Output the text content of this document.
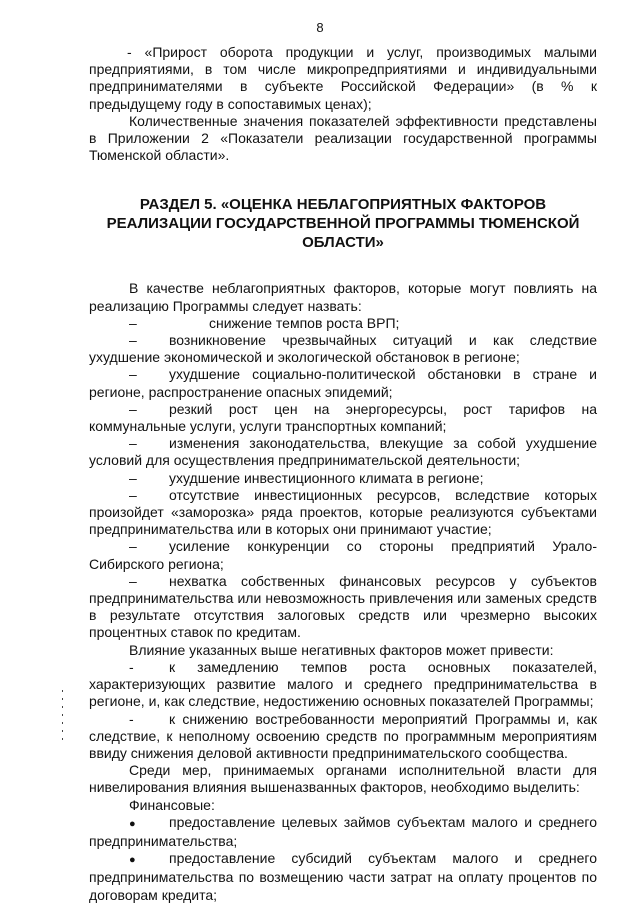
8

- «Прирост оборота продукции и услуг, производимых малыми предприятиями, в том числе микропредприятиями и индивидуальными предпринимателями в субъекте Российской Федерации» (в % к предыдущему году в сопоставимых ценах);

Количественные значения показателей эффективности представлены в Приложении 2 «Показатели реализации государственной программы Тюменской области».

РАЗДЕЛ 5. «ОЦЕНКА НЕБЛАГОПРИЯТНЫХ ФАКТОРОВ РЕАЛИЗАЦИИ ГОСУДАРСТВЕННОЙ ПРОГРАММЫ ТЮМЕНСКОЙ ОБЛАСТИ»

В качестве неблагоприятных факторов, которые могут повлиять на реализацию Программы следует назвать:

–	снижение темпов роста ВРП;

– возникновение чрезвычайных ситуаций и как следствие ухудшение экономической и экологической обстановок в регионе;

– ухудшение социально-политической обстановки в стране и регионе, распространение опасных эпидемий;

– резкий рост цен на энергоресурсы, рост тарифов на коммунальные услуги, услуги транспортных компаний;

– изменения законодательства, влекущие за собой ухудшение условий для осуществления предпринимательской деятельности;

– ухудшение инвестиционного климата в регионе;

– отсутствие инвестиционных ресурсов, вследствие которых произойдет «заморозка» ряда проектов, которые реализуются субъектами предпринимательства или в которых они принимают участие;

– усиление конкуренции со стороны предприятий Урало-Сибирского региона;

– нехватка собственных финансовых ресурсов у субъектов предпринимательства или невозможность привлечения или заменых средств в результате отсутствия залоговых средств или чрезмерно высоких процентных ставок по кредитам.

Влияние указанных выше негативных факторов может привести:

-	к замедлению темпов роста основных показателей, характеризующих развитие малого и среднего предпринимательства в регионе, и, как следствие, недостижению основных показателей Программы;

-	к снижению востребованности мероприятий Программы и, как следствие, к неполному освоению средств по программным мероприятиям ввиду снижения деловой активности предпринимательского сообщества.

Среди мер, принимаемых органами исполнительной власти для нивелирования влияния вышеназванных факторов, необходимо выделить:

Финансовые:

● предоставление целевых займов субъектам малого и среднего предпринимательства;

● предоставление субсидий субъектам малого и среднего предпринимательства по возмещению части затрат на оплату процентов по договорам кредита;
